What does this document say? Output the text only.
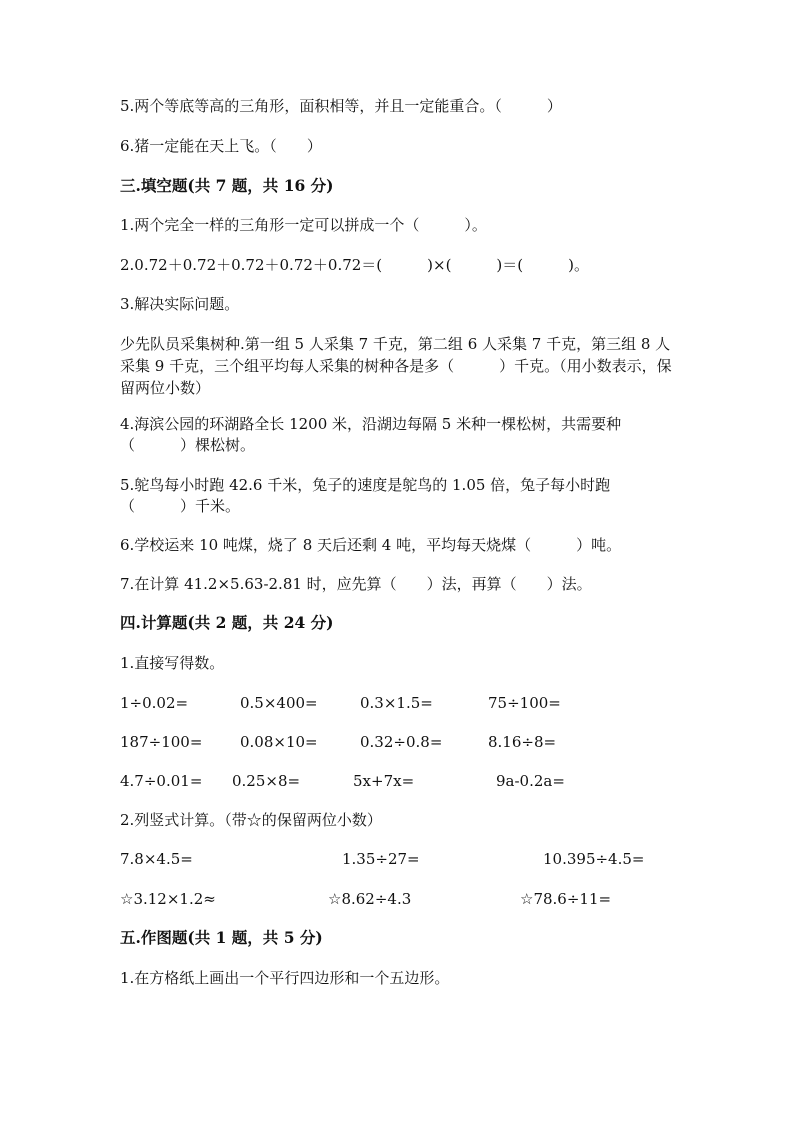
5.两个等底等高的三角形，面积相等，并且一定能重合。（　　　）
6.猪一定能在天上飞。（　　）
三.填空题(共 7 题，共 16 分)
1.两个完全一样的三角形一定可以拼成一个（　　　）。
2.0.72＋0.72＋0.72＋0.72＋0.72＝(　　　)×(　　　)＝(　　　)。
3.解决实际问题。
少先队员采集树种.第一组 5 人采集 7 千克，第二组 6 人采集 7 千克，第三组 8 人采集 9 千克，三个组平均每人采集的树种各是多（　　　）千克。（用小数表示，保留两位小数）
4.海滨公园的环湖路全长 1200 米，沿湖边每隔 5 米种一棵松树，共需要种
（　　　）棵松树。
5.鸵鸟每小时跑 42.6 千米，兔子的速度是鸵鸟的 1.05 倍，兔子每小时跑
（　　　）千米。
6.学校运来 10 吨煤，烧了 8 天后还剩 4 吨，平均每天烧煤（　　　）吨。
7.在计算 41.2×5.63-2.81 时，应先算（　　）法，再算（　　）法。
四.计算题(共 2 题，共 24 分)
1.直接写得数。
1÷0.02=	0.5×400=	0.3×1.5=	75÷100=
187÷100=	0.08×10=	0.32÷0.8=	8.16÷8=
4.7÷0.01= 0.25×8=	5x+7x=	9a-0.2a=
2.列竖式计算。（带☆的保留两位小数）
7.8×4.5=	1.35÷27=	10.395÷4.5=
☆3.12×1.2≈	☆8.62÷4.3	☆78.6÷11=
五.作图题(共 1 题，共 5 分)
1.在方格纸上画出一个平行四边形和一个五边形。
